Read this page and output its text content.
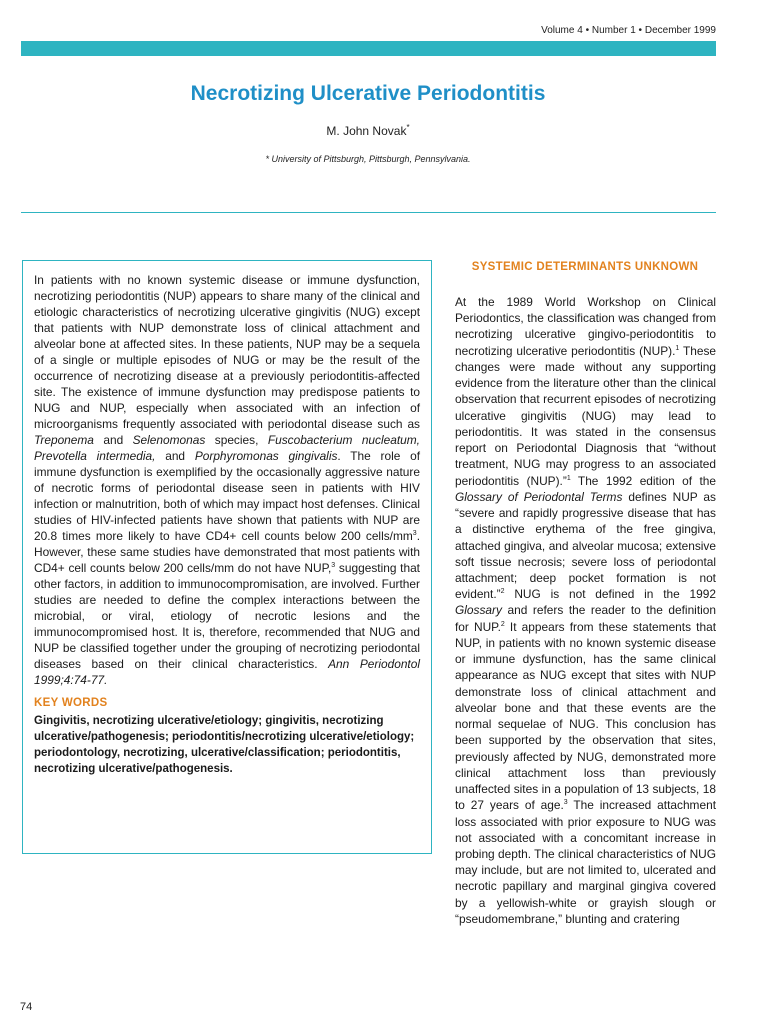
Volume 4 • Number 1 • December 1999
Necrotizing Ulcerative Periodontitis
M. John Novak*
* University of Pittsburgh, Pittsburgh, Pennsylvania.

In patients with no known systemic disease or immune dysfunction, necrotizing periodontitis (NUP) appears to share many of the clinical and etiologic characteristics of necrotizing ulcerative gingivitis (NUG) except that patients with NUP demonstrate loss of clinical attachment and alveolar bone at affected sites. In these patients, NUP may be a sequela of a single or multiple episodes of NUG or may be the result of the occurrence of necrotizing disease at a previously periodontitis-affected site. The existence of immune dysfunction may predispose patients to NUG and NUP, especially when associated with an infection of microorganisms frequently associated with periodontal disease such as Treponema and Selenomonas species, Fuscobacterium nucleatum, Prevotella intermedia, and Porphyromonas gingivalis. The role of immune dysfunction is exemplified by the occasionally aggressive nature of necrotic forms of periodontal disease seen in patients with HIV infection or malnutrition, both of which may impact host defenses. Clinical studies of HIV-infected patients have shown that patients with NUP are 20.8 times more likely to have CD4+ cell counts below 200 cells/mm$^3$. However, these same studies have demonstrated that most patients with CD4+ cell counts below 200 cells/mm do not have NUP,$^3$ suggesting that other factors, in addition to immunocompromisation, are involved. Further studies are needed to define the complex interactions between the microbial, or viral, etiology of necrotic lesions and the immunocompromised host. It is, therefore, recommended that NUG and NUP be classified together under the grouping of necrotizing periodontal diseases based on their clinical characteristics. Ann Periodontol 1999;4:74-77.

KEY WORDS

Gingivitis, necrotizing ulcerative/etiology; gingivitis, necrotizing ulcerative/pathogenesis; periodontitis/necrotizing ulcerative/etiology; periodontology, necrotizing, ulcerative/classification; periodontitis, necrotizing ulcerative/pathogenesis.

SYSTEMIC DETERMINANTS UNKNOWN

At the 1989 World Workshop on Clinical Periodontics, the classification was changed from necrotizing ulcerative gingivo-periodontitis to necrotizing ulcerative periodontitis (NUP).$^1$ These changes were made without any supporting evidence from the literature other than the clinical observation that recurrent episodes of necrotizing ulcerative gingivitis (NUG) may lead to periodontitis. It was stated in the consensus report on Periodontal Diagnosis that “without treatment, NUG may progress to an associated periodontitis (NUP).”$^1$ The 1992 edition of the Glossary of Periodontal Terms defines NUP as “severe and rapidly progressive disease that has a distinctive erythema of the free gingiva, attached gingiva, and alveolar mucosa; extensive soft tissue necrosis; severe loss of periodontal attachment; deep pocket formation is not evident.”$^2$ NUG is not defined in the 1992 Glossary and refers the reader to the definition for NUP.$^2$ It appears from these statements that NUP, in patients with no known systemic disease or immune dysfunction, has the same clinical appearance as NUG except that sites with NUP demonstrate loss of clinical attachment and alveolar bone and that these events are the normal sequelae of NUG. This conclusion has been supported by the observation that sites, previously affected by NUG, demonstrated more clinical attachment loss than previously unaffected sites in a population of 13 subjects, 18 to 27 years of age.$^3$ The increased attachment loss associated with prior exposure to NUG was not associated with a concomitant increase in probing depth. The clinical characteristics of NUG may include, but are not limited to, ulcerated and necrotic papillary and marginal gingiva covered by a yellowish-white or grayish slough or “pseudomembrane,” blunting and cratering

74
